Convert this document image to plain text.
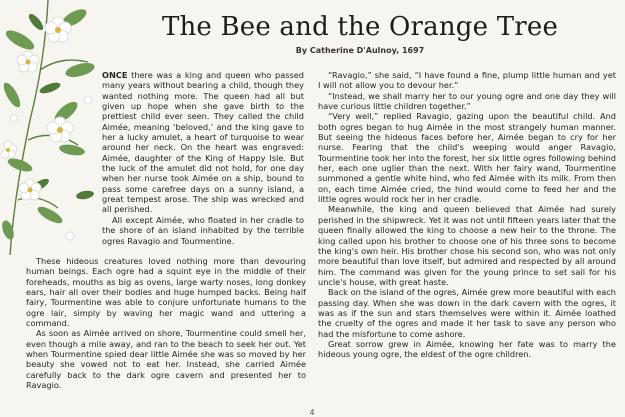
The Bee and the Orange Tree
By Catherine D'Aulnoy, 1697

ONCE there was a king and queen who passed many years without bearing a child, though they wanted nothing more. The queen had all but given up hope when she gave birth to the prettiest child ever seen. They called the child Aimée, meaning ‘beloved,’ and the king gave to her a lucky amulet, a heart of turquoise to wear around her neck. On the heart was engraved: Aimée, daughter of the King of Happy Isle. But the luck of the amulet did not hold, for one day when her nurse took Aimée on a ship, bound to pass some carefree days on a sunny island, a great tempest arose. The ship was wrecked and all perished.

All except Aimée, who floated in her cradle to the shore of an island inhabited by the terrible ogres Ravagio and Tourmentine.

These hideous creatures loved nothing more than devouring human beings. Each ogre had a squint eye in the middle of their foreheads, mouths as big as ovens, large warty noses, long donkey ears, hair all over their bodies and huge humped backs. Being half fairy, Tourmentine was able to conjure unfortunate humans to the ogre lair, simply by waving her magic wand and uttering a command.

As soon as Aimée arrived on shore, Tourmentine could smell her, even though a mile away, and ran to the beach to seek her out. Yet when Tourmentine spied dear little Aimée she was so moved by her beauty she vowed not to eat her. Instead, she carried Aimée carefully back to the dark ogre cavern and presented her to Ravagio.

“Ravagio,” she said, “I have found a fine, plump little human and yet I will not allow you to devour her.”

“Instead, we shall marry her to our young ogre and one day they will have curious little children together.”

“Very well,” replied Ravagio, gazing upon the beautiful child. And both ogres began to hug Aimée in the most strangely human manner. But seeing the hideous faces before her, Aimée began to cry for her nurse. Fearing that the child's weeping would anger Ravagio, Tourmentine took her into the forest, her six little ogres following behind her, each one uglier than the next. With her fairy wand, Tourmentine summoned a gentle white hind, who fed Aimée with its milk. From then on, each time Aimée cried, the hind would come to feed her and the little ogres would rock her in her cradle.

Meanwhile, the king and queen believed that Aimée had surely perished in the shipwreck. Yet it was not until fifteen years later that the queen finally allowed the king to choose a new heir to the throne. The king called upon his brother to choose one of his three sons to become the king's own heir. His brother chose his second son, who was not only more beautiful than love itself, but admired and respected by all around him. The command was given for the young prince to set sail for his uncle's house, with great haste.

Back on the island of the ogres, Aimée grew more beautiful with each passing day. When she was down in the dark cavern with the ogres, it was as if the sun and stars themselves were within it. Aimée loathed the cruelty of the ogres and made it her task to save any person who had the misfortune to come ashore.

Great sorrow grew in Aimée, knowing her fate was to marry the hideous young ogre, the eldest of the ogre children.

4
